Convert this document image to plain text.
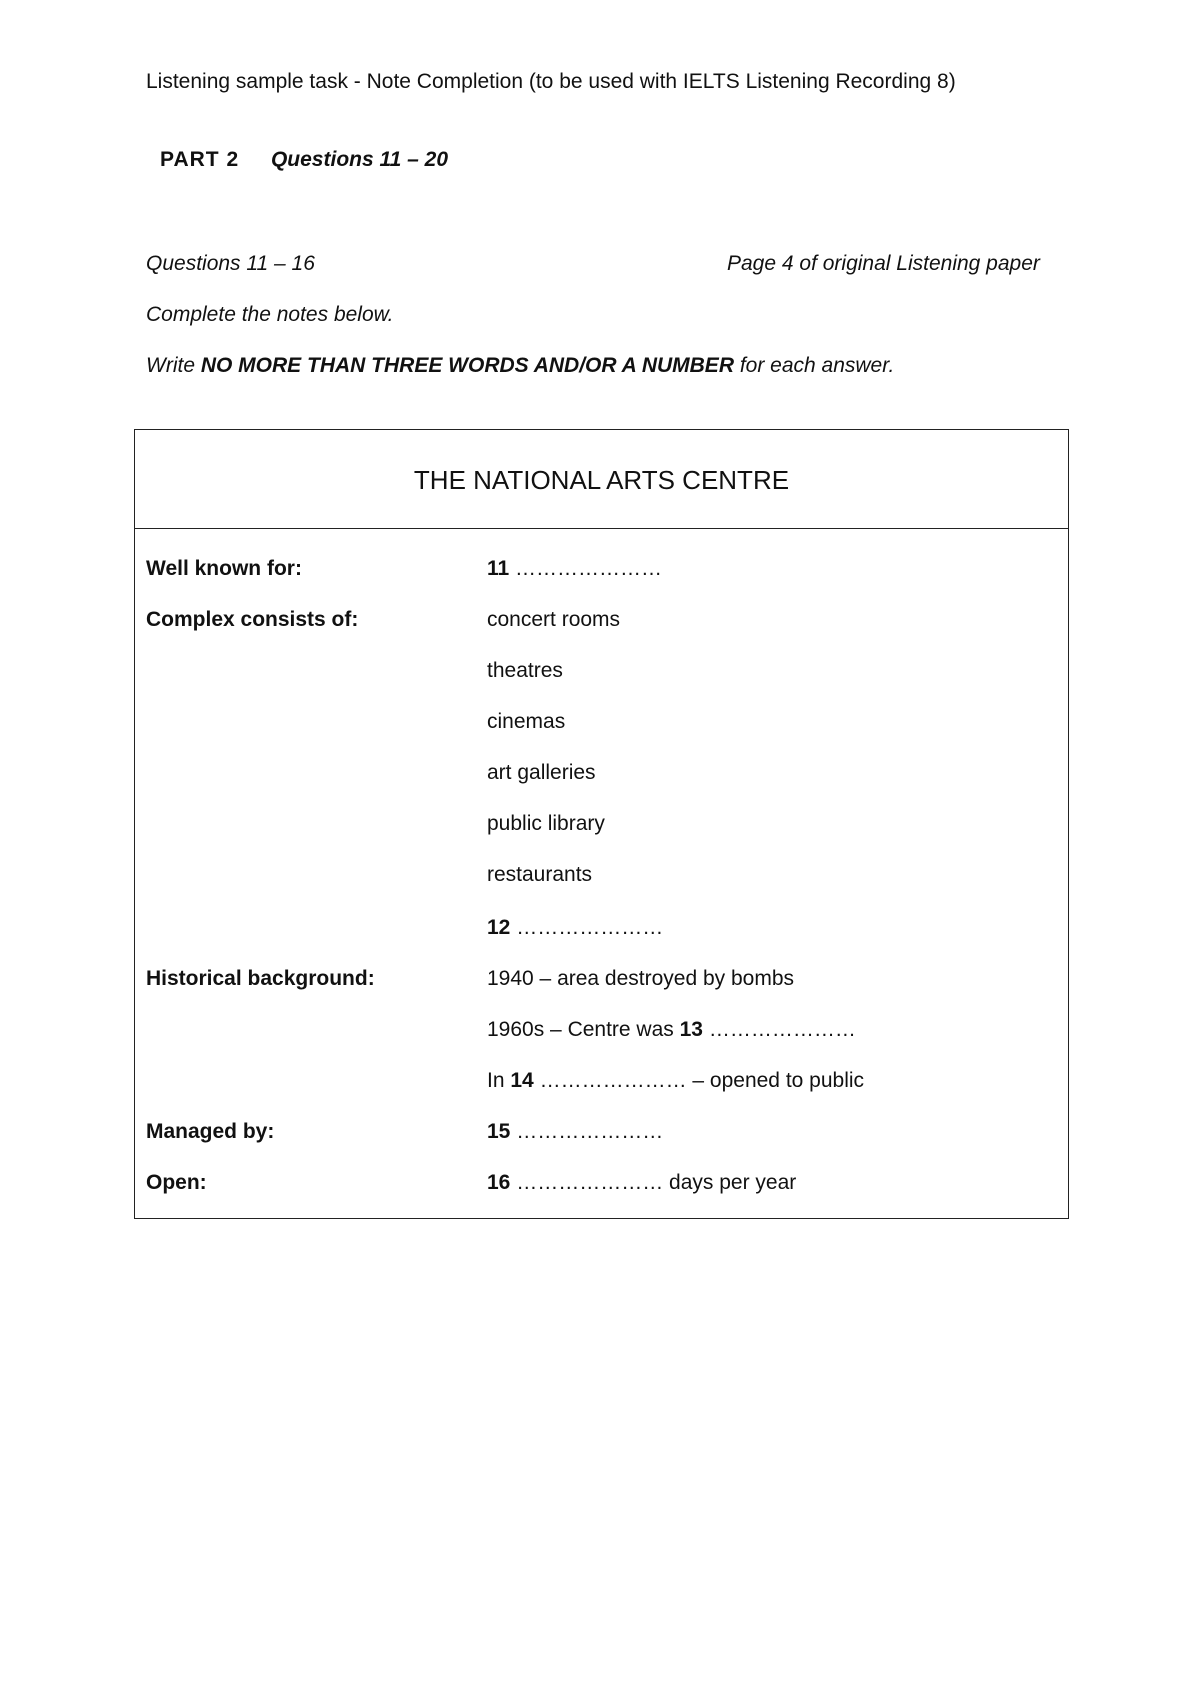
Listening sample task - Note Completion (to be used with IELTS Listening Recording 8)
PART 2 Questions 11 – 20
Questions 11 – 16	Page 4 of original Listening paper
Complete the notes below.
Write NO MORE THAN THREE WORDS AND/OR A NUMBER for each answer.
THE NATIONAL ARTS CENTRE
Well known for:	11 …………………
Complex consists of:	concert rooms
theatres
cinemas
art galleries
public library
restaurants
12 …………………
Historical background:	1940 – area destroyed by bombs
1960s – Centre was 13 …………………
In 14 ………………… – opened to public
Managed by:	15 …………………
Open:	16 ………………… days per year
